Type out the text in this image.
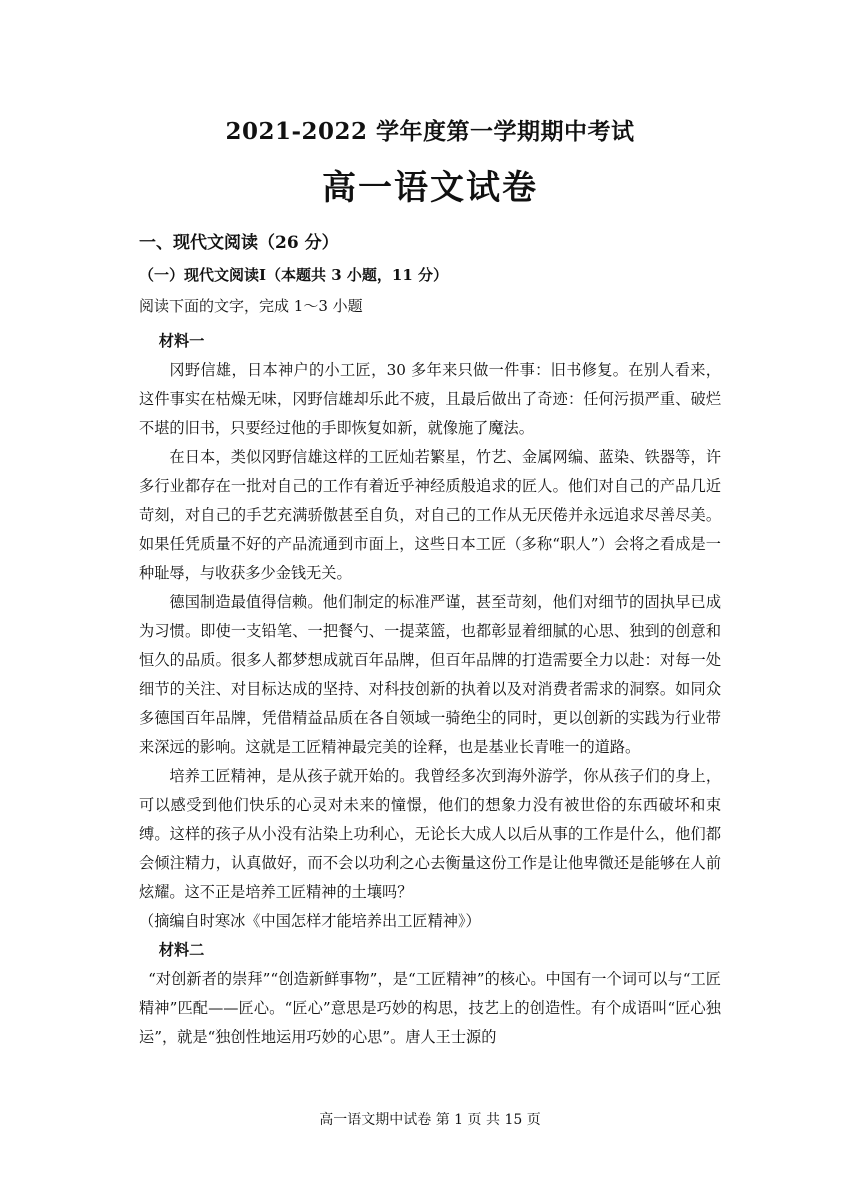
2021-2022 学年度第一学期期中考试
高一语文试卷
一、现代文阅读（26 分）
（一）现代文阅读Ⅰ（本题共 3 小题，11 分）
阅读下面的文字，完成 1～3 小题

材料一

冈野信雄，日本神户的小工匠，30 多年来只做一件事：旧书修复。在别人看来，这件事实在枯燥无味，冈野信雄却乐此不疲，且最后做出了奇迹：任何污损严重、破烂不堪的旧书，只要经过他的手即恢复如新，就像施了魔法。

在日本，类似冈野信雄这样的工匠灿若繁星，竹艺、金属网编、蓝染、铁器等，许多行业都存在一批对自己的工作有着近乎神经质般追求的匠人。他们对自己的产品几近苛刻，对自己的手艺充满骄傲甚至自负，对自己的工作从无厌倦并永远追求尽善尽美。如果任凭质量不好的产品流通到市面上，这些日本工匠（多称“职人”）会将之看成是一种耻辱，与收获多少金钱无关。

德国制造最值得信赖。他们制定的标准严谨，甚至苛刻，他们对细节的固执早已成为习惯。即使一支铅笔、一把餐勺、一提菜篮，也都彰显着细腻的心思、独到的创意和恒久的品质。很多人都梦想成就百年品牌，但百年品牌的打造需要全力以赴：对每一处细节的关注、对目标达成的坚持、对科技创新的执着以及对消费者需求的洞察。如同众多德国百年品牌，凭借精益品质在各自领域一骑绝尘的同时，更以创新的实践为行业带来深远的影响。这就是工匠精神最完美的诠释，也是基业长青唯一的道路。

培养工匠精神，是从孩子就开始的。我曾经多次到海外游学，你从孩子们的身上，可以感受到他们快乐的心灵对未来的憧憬，他们的想象力没有被世俗的东西破坏和束缚。这样的孩子从小没有沾染上功利心，无论长大成人以后从事的工作是什么，他们都会倾注精力，认真做好，而不会以功利之心去衡量这份工作是让他卑微还是能够在人前炫耀。这不正是培养工匠精神的土壤吗？

（摘编自时寒冰《中国怎样才能培养出工匠精神》）

材料二

“对创新者的崇拜”“创造新鲜事物”，是“工匠精神”的核心。中国有一个词可以与“工匠精神”匹配——匠心。“匠心”意思是巧妙的构思，技艺上的创造性。有个成语叫“匠心独运”，就是“独创性地运用巧妙的心思”。唐人王士源的

高一语文期中试卷 第 1 页 共 15 页
